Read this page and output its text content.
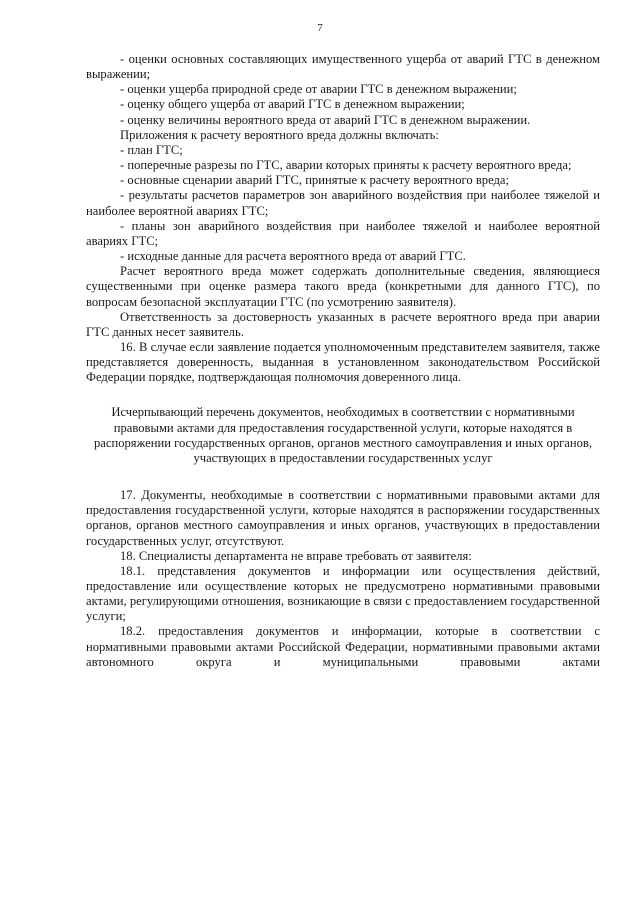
7

- оценки основных составляющих имущественного ущерба от аварий ГТС в денежном выражении;

- оценки ущерба природной среде от аварии ГТС в денежном выражении;

- оценку общего ущерба от аварий ГТС в денежном выражении;

- оценку величины вероятного вреда от аварий ГТС в денежном выражении.

Приложения к расчету вероятного вреда должны включать:

- план ГТС;

- поперечные разрезы по ГТС, аварии которых приняты к расчету вероятного вреда;

- основные сценарии аварий ГТС, принятые к расчету вероятного вреда;

- результаты расчетов параметров зон аварийного воздействия при наиболее тяжелой и наиболее вероятной авариях ГТС;

- планы зон аварийного воздействия при наиболее тяжелой и наиболее вероятной авариях ГТС;

- исходные данные для расчета вероятного вреда от аварий ГТС.

Расчет вероятного вреда может содержать дополнительные сведения, являющиеся существенными при оценке размера такого вреда (конкретными для данного ГТС), по вопросам безопасной эксплуатации ГТС (по усмотрению заявителя).

Ответственность за достоверность указанных в расчете вероятного вреда при аварии ГТС данных несет заявитель.

16. В случае если заявление подается уполномоченным представителем заявителя, также представляется доверенность, выданная в установленном законодательством Российской Федерации порядке, подтверждающая полномочия доверенного лица.

Исчерпывающий перечень документов, необходимых в соответствии с нормативными правовыми актами для предоставления государственной услуги, которые находятся в распоряжении государственных органов, органов местного самоуправления и иных органов, участвующих в предоставлении государственных услуг

17. Документы, необходимые в соответствии с нормативными правовыми актами для предоставления государственной услуги, которые находятся в распоряжении государственных органов, органов местного самоуправления и иных органов, участвующих в предоставлении государственных услуг, отсутствуют.

18. Специалисты департамента не вправе требовать от заявителя:

18.1. представления документов и информации или осуществления действий, предоставление или осуществление которых не предусмотрено нормативными правовыми актами, регулирующими отношения, возникающие в связи с предоставлением государственной услуги;

18.2. предоставления документов и информации, которые в соответствии с нормативными правовыми актами Российской Федерации, нормативными правовыми актами автономного округа и муниципальными правовыми актами
